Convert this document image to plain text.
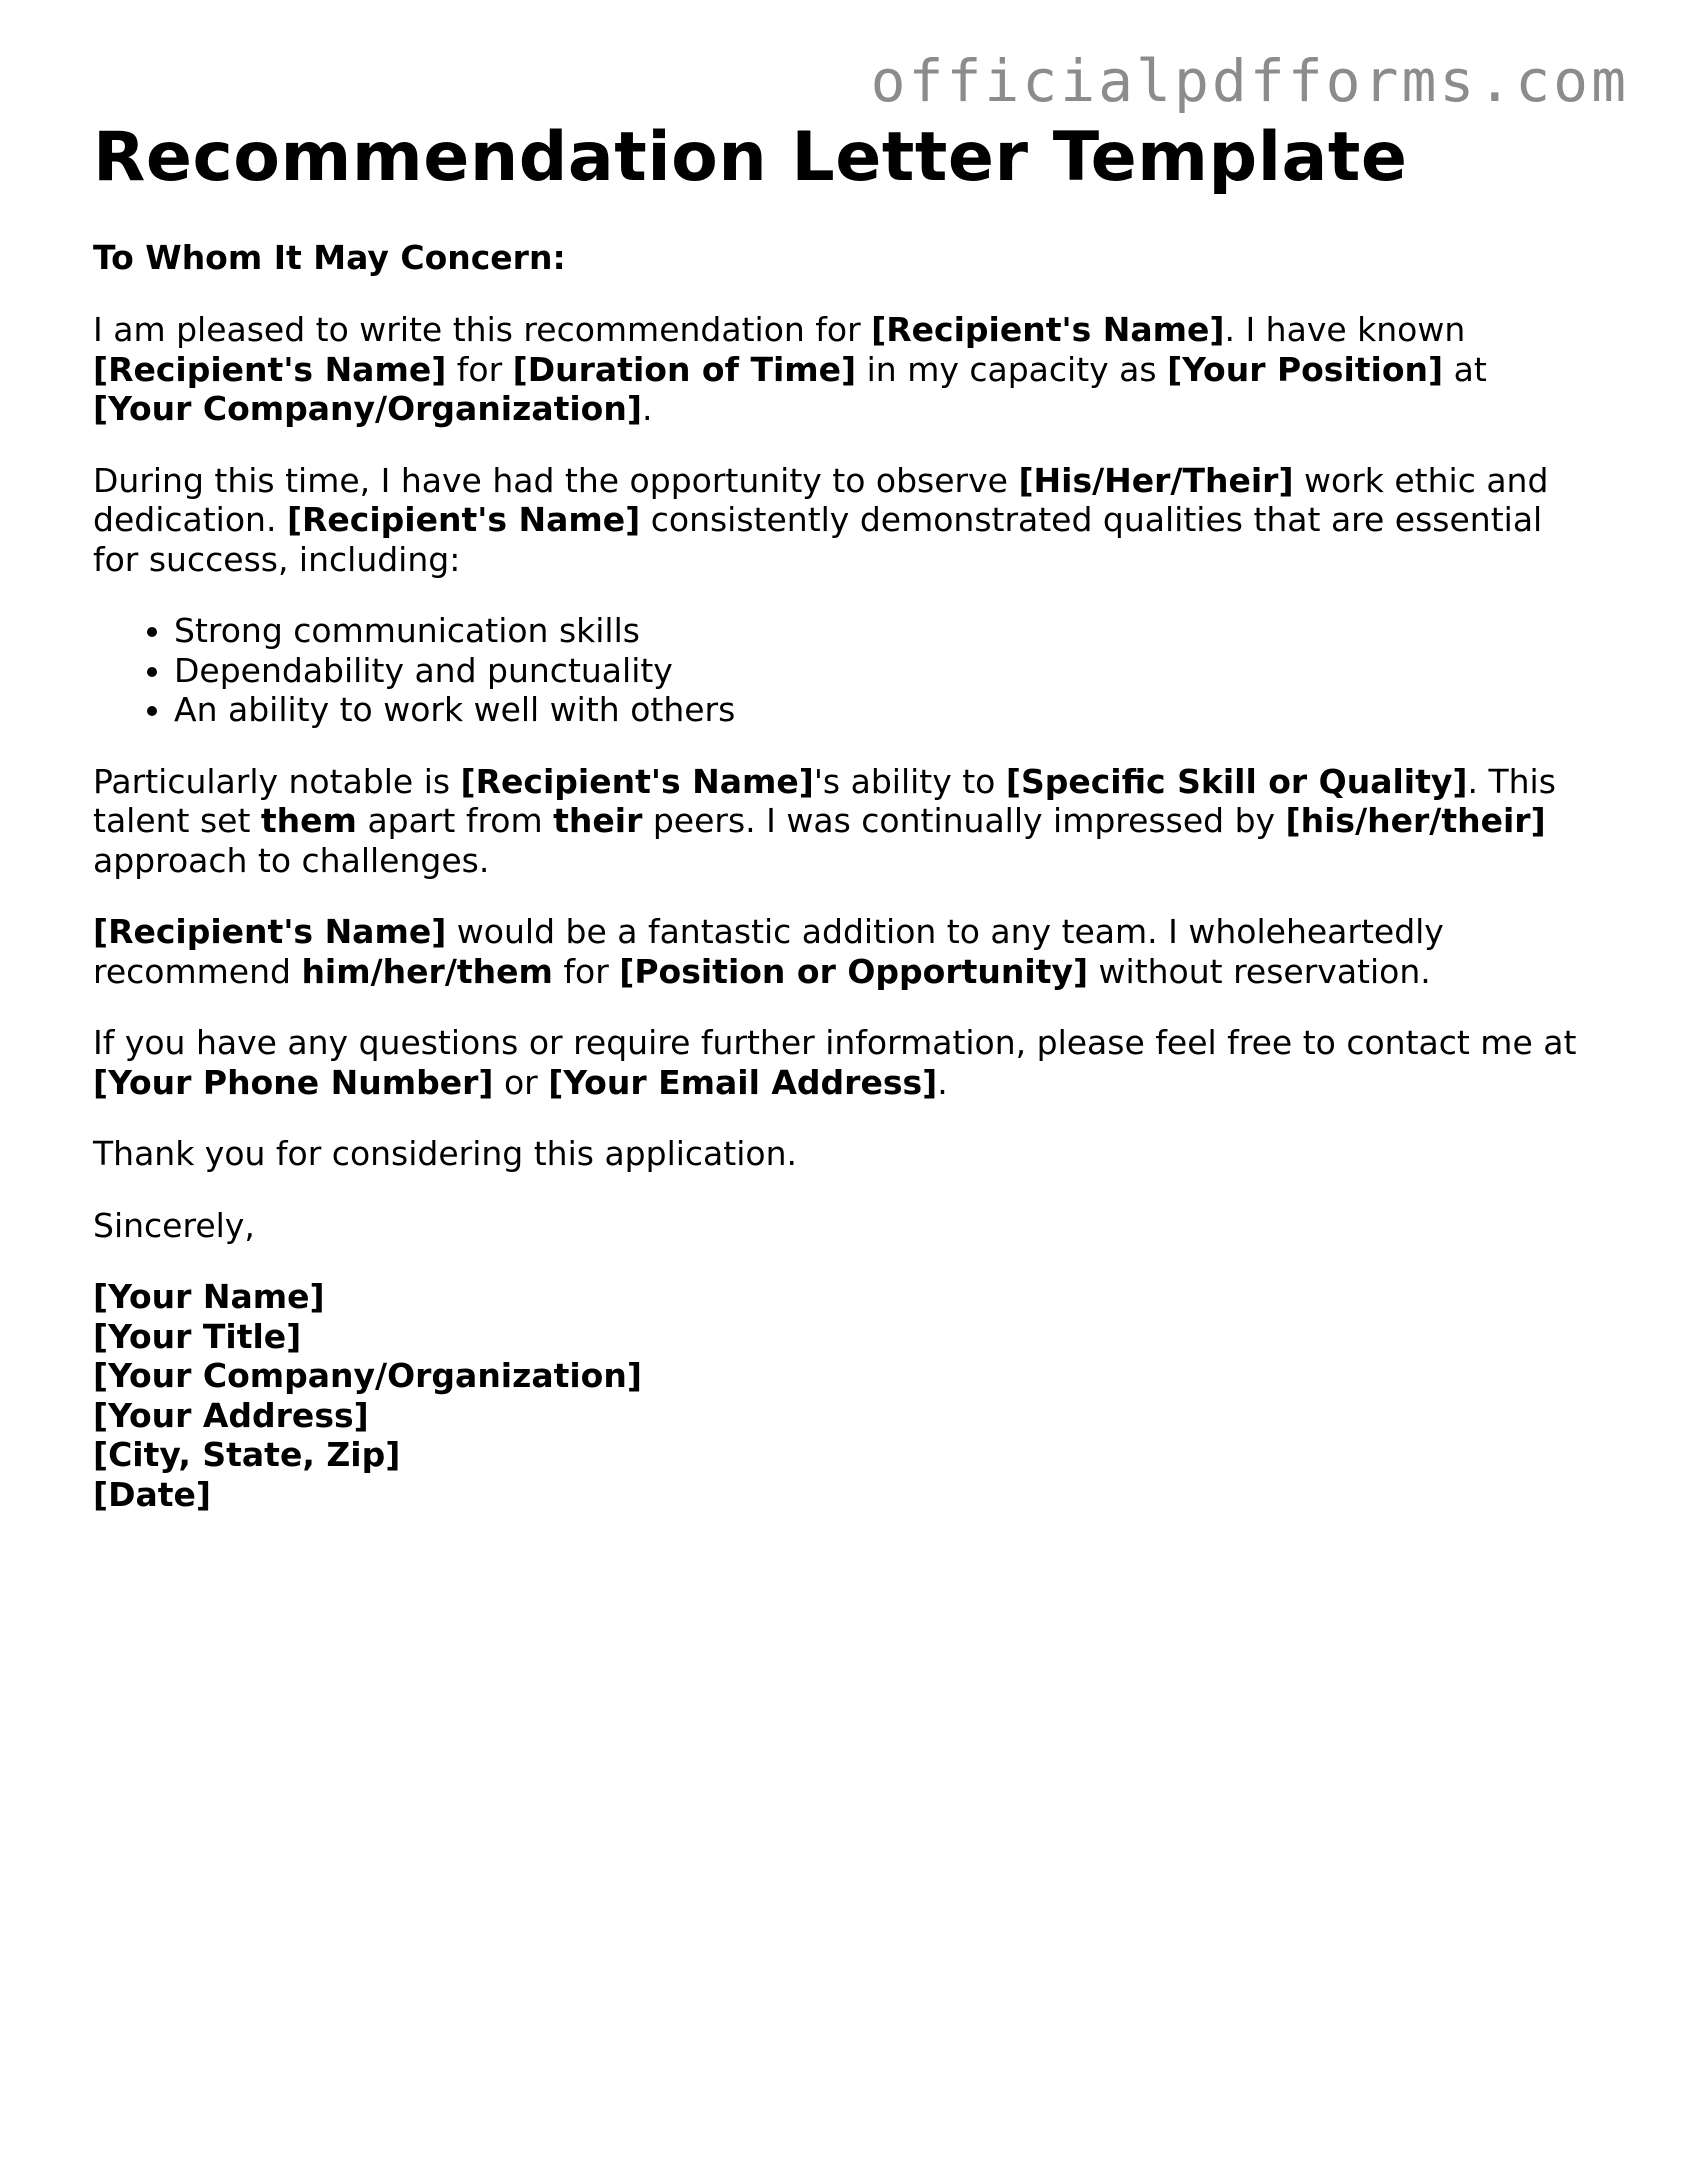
officialpdfforms.com
Recommendation Letter Template

To Whom It May Concern:

I am pleased to write this recommendation for [Recipient's Name]. I have known [Recipient's Name] for [Duration of Time] in my capacity as [Your Position] at [Your Company/Organization].

During this time, I have had the opportunity to observe [His/Her/Their] work ethic and dedication. [Recipient's Name] consistently demonstrated qualities that are essential for success, including:

• Strong communication skills
• Dependability and punctuality
• An ability to work well with others

Particularly notable is [Recipient's Name]'s ability to [Specific Skill or Quality]. This talent set them apart from their peers. I was continually impressed by [his/her/their] approach to challenges.

[Recipient's Name] would be a fantastic addition to any team. I wholeheartedly recommend him/her/them for [Position or Opportunity] without reservation.

If you have any questions or require further information, please feel free to contact me at [Your Phone Number] or [Your Email Address].

Thank you for considering this application.

Sincerely,

[Your Name]
[Your Title]
[Your Company/Organization]
[Your Address]
[City, State, Zip]
[Date]
